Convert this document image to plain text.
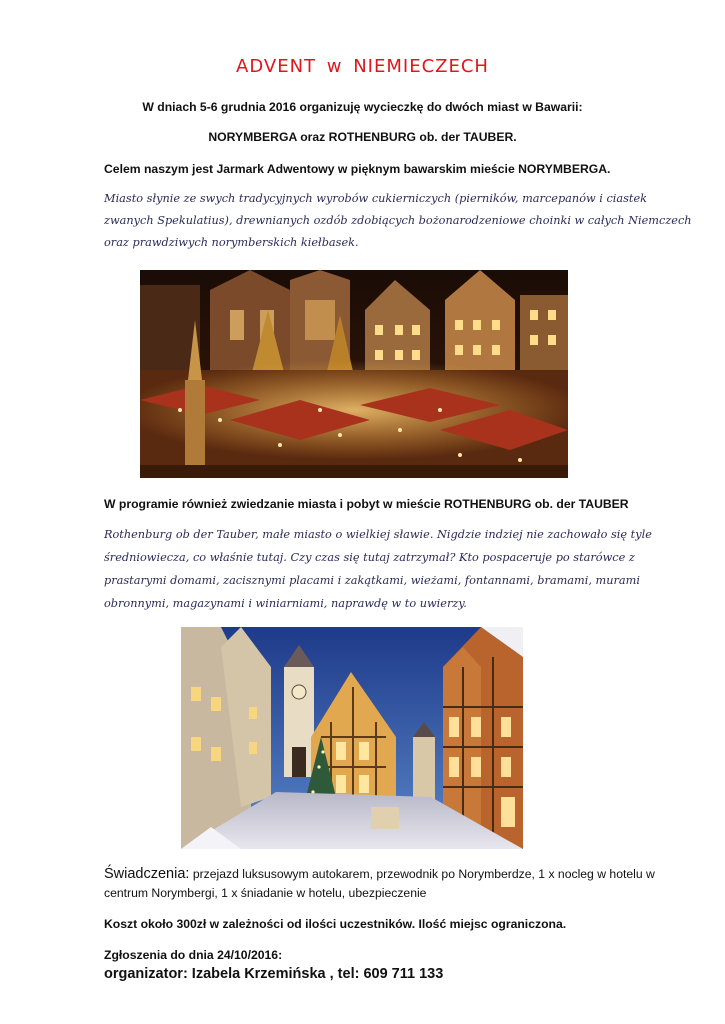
ADVENT w NIEMIECZECH
W dniach 5-6 grudnia 2016 organizuję wycieczkę do dwóch miast w Bawarii:
NORYMBERGA oraz ROTHENBURG ob. der TAUBER.
Celem naszym jest Jarmark Adwentowy w pięknym bawarskim mieście NORYMBERGA.
Miasto słynie ze swych tradycyjnych wyrobów cukierniczych (pierników, marcepanów i ciastek
zwanych Spekulatius), drewnianych ozdób zdobiących bożonarodzeniowe choinki w całych Niemczech
oraz prawdziwych norymberskich kiełbasek.
W programie również zwiedzanie miasta i pobyt w mieście ROTHENBURG ob. der TAUBER
Rothenburg ob der Tauber, małe miasto o wielkiej sławie. Nigdzie indziej nie zachowało się tyle
średniowiecza, co właśnie tutaj. Czy czas się tutaj zatrzymał? Kto pospaceruje po starówce z
prastarymi domami, zacisznymi placami i zakątkami, wieżami, fontannami, bramami, murami
obronnymi, magazynami i winiarniami, naprawdę w to uwierzy.
Świadczenia: przejazd luksusowym autokarem, przewodnik po Norymberdze, 1 x nocleg w hotelu w
centrum Norymbergi, 1 x śniadanie w hotelu, ubezpieczenie
Koszt około 300zł w zależności od ilości uczestników. Ilość miejsc ograniczona.
Zgłoszenia do dnia 24/10/2016:
organizator: Izabela Krzemińska , tel: 609 711 133
